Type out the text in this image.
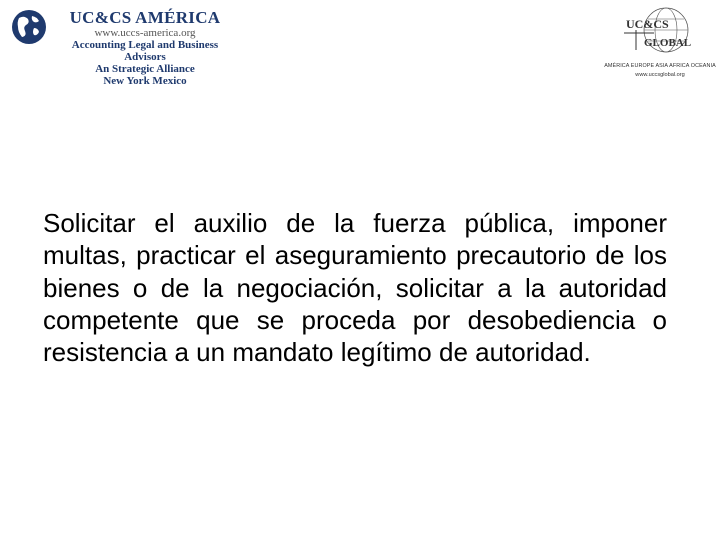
UC&CS AMÉRICA
www.uccs-america.org
Accounting Legal and Business Advisors
An Strategic Alliance
New York Mexico
UC&CS
GLOBAL
AMÉRICA EUROPE ASIA AFRICA OCEANIA
www.uccsglobal.org
Solicitar el auxilio de la fuerza pública, imponer multas, practicar el aseguramiento precautorio de los bienes o de la negociación, solicitar a la autoridad competente que se proceda por desobediencia o resistencia a un mandato legítimo de autoridad.
